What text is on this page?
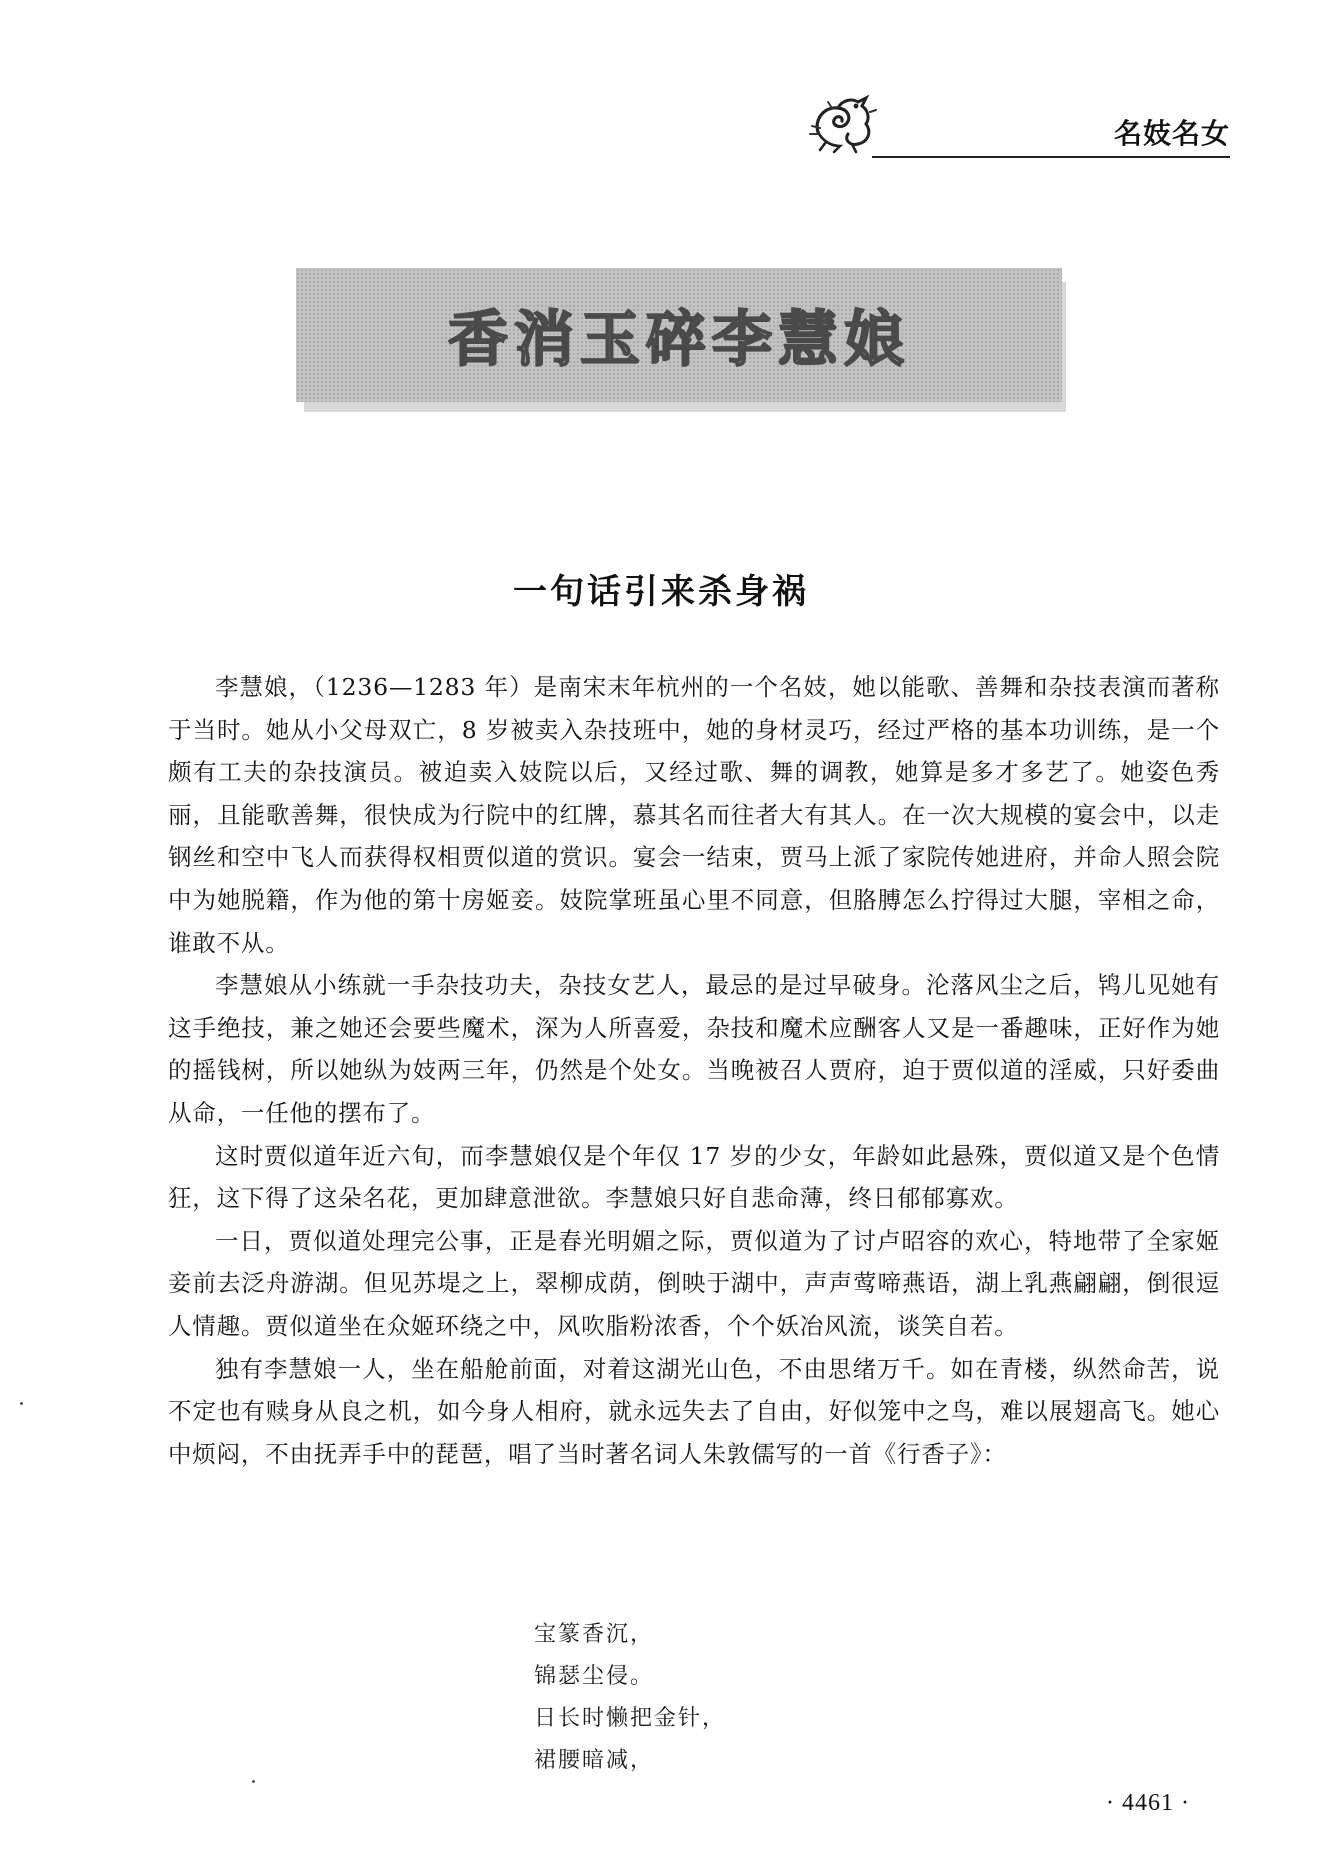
名妓名女
香消玉碎李慧娘
一句话引来杀身祸

李慧娘，（1236—1283 年）是南宋末年杭州的一个名妓，她以能歌、善舞和杂技表演而著称于当时。她从小父母双亡，8 岁被卖入杂技班中，她的身材灵巧，经过严格的基本功训练，是一个颇有工夫的杂技演员。被迫卖入妓院以后，又经过歌、舞的调教，她算是多才多艺了。她姿色秀丽，且能歌善舞，很快成为行院中的红牌，慕其名而往者大有其人。在一次大规模的宴会中，以走钢丝和空中飞人而获得权相贾似道的赏识。宴会一结束，贾马上派了家院传她进府，并命人照会院中为她脱籍，作为他的第十房姬妾。妓院掌班虽心里不同意，但胳膊怎么拧得过大腿，宰相之命，谁敢不从。

李慧娘从小练就一手杂技功夫，杂技女艺人，最忌的是过早破身。沦落风尘之后，鸨儿见她有这手绝技，兼之她还会要些魔术，深为人所喜爱，杂技和魔术应酬客人又是一番趣味，正好作为她的摇钱树，所以她纵为妓两三年，仍然是个处女。当晚被召人贾府，迫于贾似道的淫威，只好委曲从命，一任他的摆布了。

这时贾似道年近六旬，而李慧娘仅是个年仅 17 岁的少女，年龄如此悬殊，贾似道又是个色情狂，这下得了这朵名花，更加肆意泄欲。李慧娘只好自悲命薄，终日郁郁寡欢。

一日，贾似道处理完公事，正是春光明媚之际，贾似道为了讨卢昭容的欢心，特地带了全家姬妾前去泛舟游湖。但见苏堤之上，翠柳成荫，倒映于湖中，声声莺啼燕语，湖上乳燕翩翩，倒很逗人情趣。贾似道坐在众姬环绕之中，风吹脂粉浓香，个个妖冶风流，谈笑自若。

独有李慧娘一人，坐在船舱前面，对着这湖光山色，不由思绪万千。如在青楼，纵然命苦，说不定也有赎身从良之机，如今身人相府，就永远失去了自由，好似笼中之鸟，难以展翅高飞。她心中烦闷，不由抚弄手中的琵琶，唱了当时著名词人朱敦儒写的一首《行香子》：

宝篆香沉，
锦瑟尘侵。
日长时懒把金针，
裙腰暗减，
· 4461 ·
